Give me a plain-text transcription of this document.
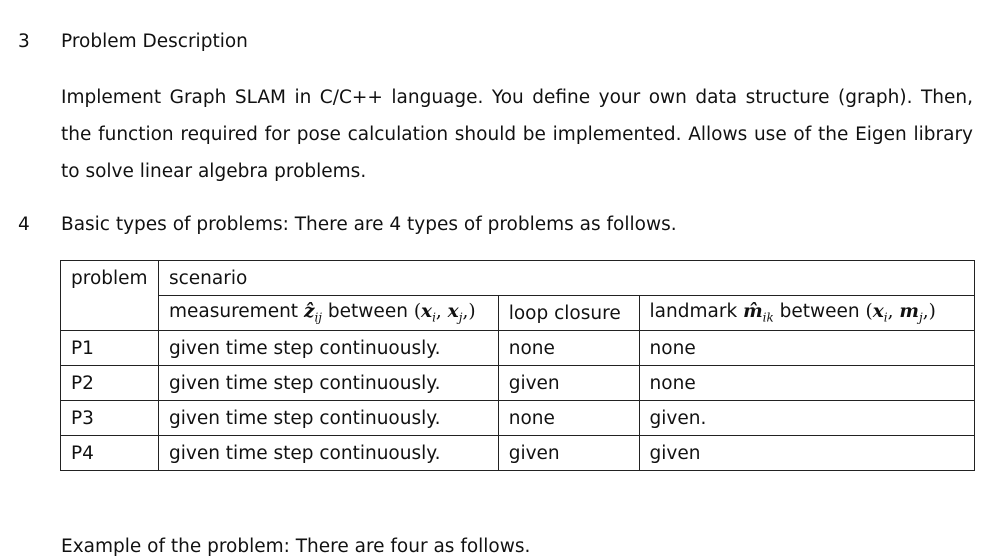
3 Problem Description

Implement Graph SLAM in C/C++ language. You define your own data structure (graph). Then, the function required for pose calculation should be implemented. Allows use of the Eigen library to solve linear algebra problems.

4 Basic types of problems: There are 4 types of problems as follows.
problem	scenario		
	measurement ẑ$_{ij}$ between ($x_i$, $x_j$,)	loop closure	landmark $m̂_{ik}$ between ($x_i$, $m_j$,)
P1	given time step continuously.	none	none
P2	given time step continuously.	given	none
P3	given time step continuously.	none	given.
P4	given time step continuously.	given	given
Example of the problem: There are four as follows.
